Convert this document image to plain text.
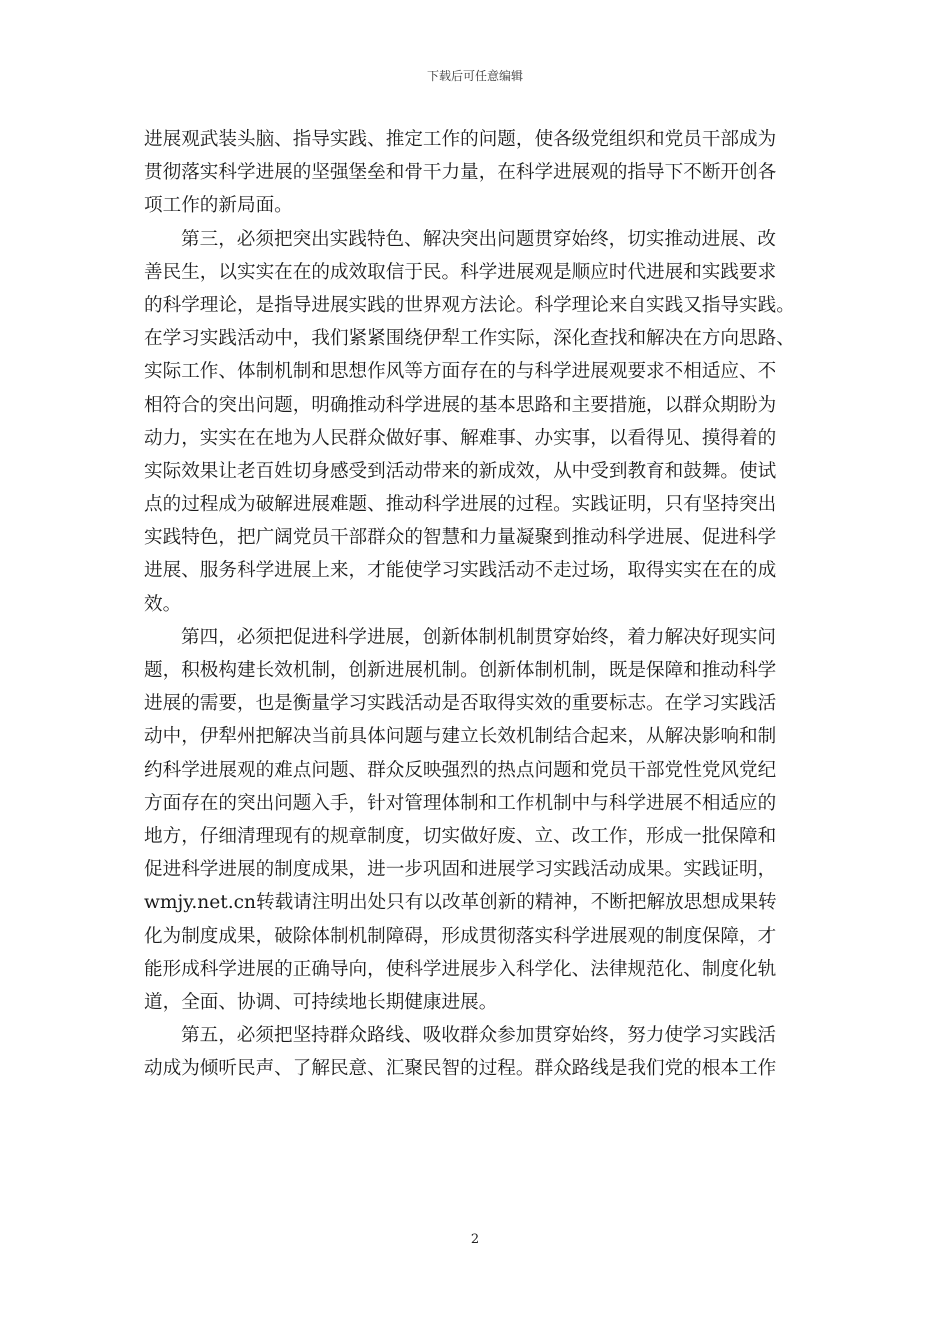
下载后可任意编辑
进展观武装头脑、指导实践、推定工作的问题，使各级党组织和党员干部成为
贯彻落实科学进展的坚强堡垒和骨干力量，在科学进展观的指导下不断开创各
项工作的新局面。
第三，必须把突出实践特色、解决突出问题贯穿始终，切实推动进展、改
善民生，以实实在在的成效取信于民。科学进展观是顺应时代进展和实践要求
的科学理论，是指导进展实践的世界观方法论。科学理论来自实践又指导实践。
在学习实践活动中，我们紧紧围绕伊犁工作实际，深化查找和解决在方向思路、
实际工作、体制机制和思想作风等方面存在的与科学进展观要求不相适应、不
相符合的突出问题，明确推动科学进展的基本思路和主要措施，以群众期盼为
动力，实实在在地为人民群众做好事、解难事、办实事，以看得见、摸得着的
实际效果让老百姓切身感受到活动带来的新成效，从中受到教育和鼓舞。使试
点的过程成为破解进展难题、推动科学进展的过程。实践证明，只有坚持突出
实践特色，把广阔党员干部群众的智慧和力量凝聚到推动科学进展、促进科学
进展、服务科学进展上来，才能使学习实践活动不走过场，取得实实在在的成
效。
第四，必须把促进科学进展，创新体制机制贯穿始终，着力解决好现实问
题，积极构建长效机制，创新进展机制。创新体制机制，既是保障和推动科学
进展的需要，也是衡量学习实践活动是否取得实效的重要标志。在学习实践活
动中，伊犁州把解决当前具体问题与建立长效机制结合起来，从解决影响和制
约科学进展观的难点问题、群众反映强烈的热点问题和党员干部党性党风党纪
方面存在的突出问题入手，针对管理体制和工作机制中与科学进展不相适应的
地方，仔细清理现有的规章制度，切实做好废、立、改工作，形成一批保障和
促进科学进展的制度成果，进一步巩固和进展学习实践活动成果。实践证明，
wmjy.net.cn转载请注明出处只有以改革创新的精神，不断把解放思想成果转
化为制度成果，破除体制机制障碍，形成贯彻落实科学进展观的制度保障，才
能形成科学进展的正确导向，使科学进展步入科学化、法律规范化、制度化轨
道，全面、协调、可持续地长期健康进展。
第五，必须把坚持群众路线、吸收群众参加贯穿始终，努力使学习实践活
动成为倾听民声、了解民意、汇聚民智的过程。群众路线是我们党的根本工作
2
